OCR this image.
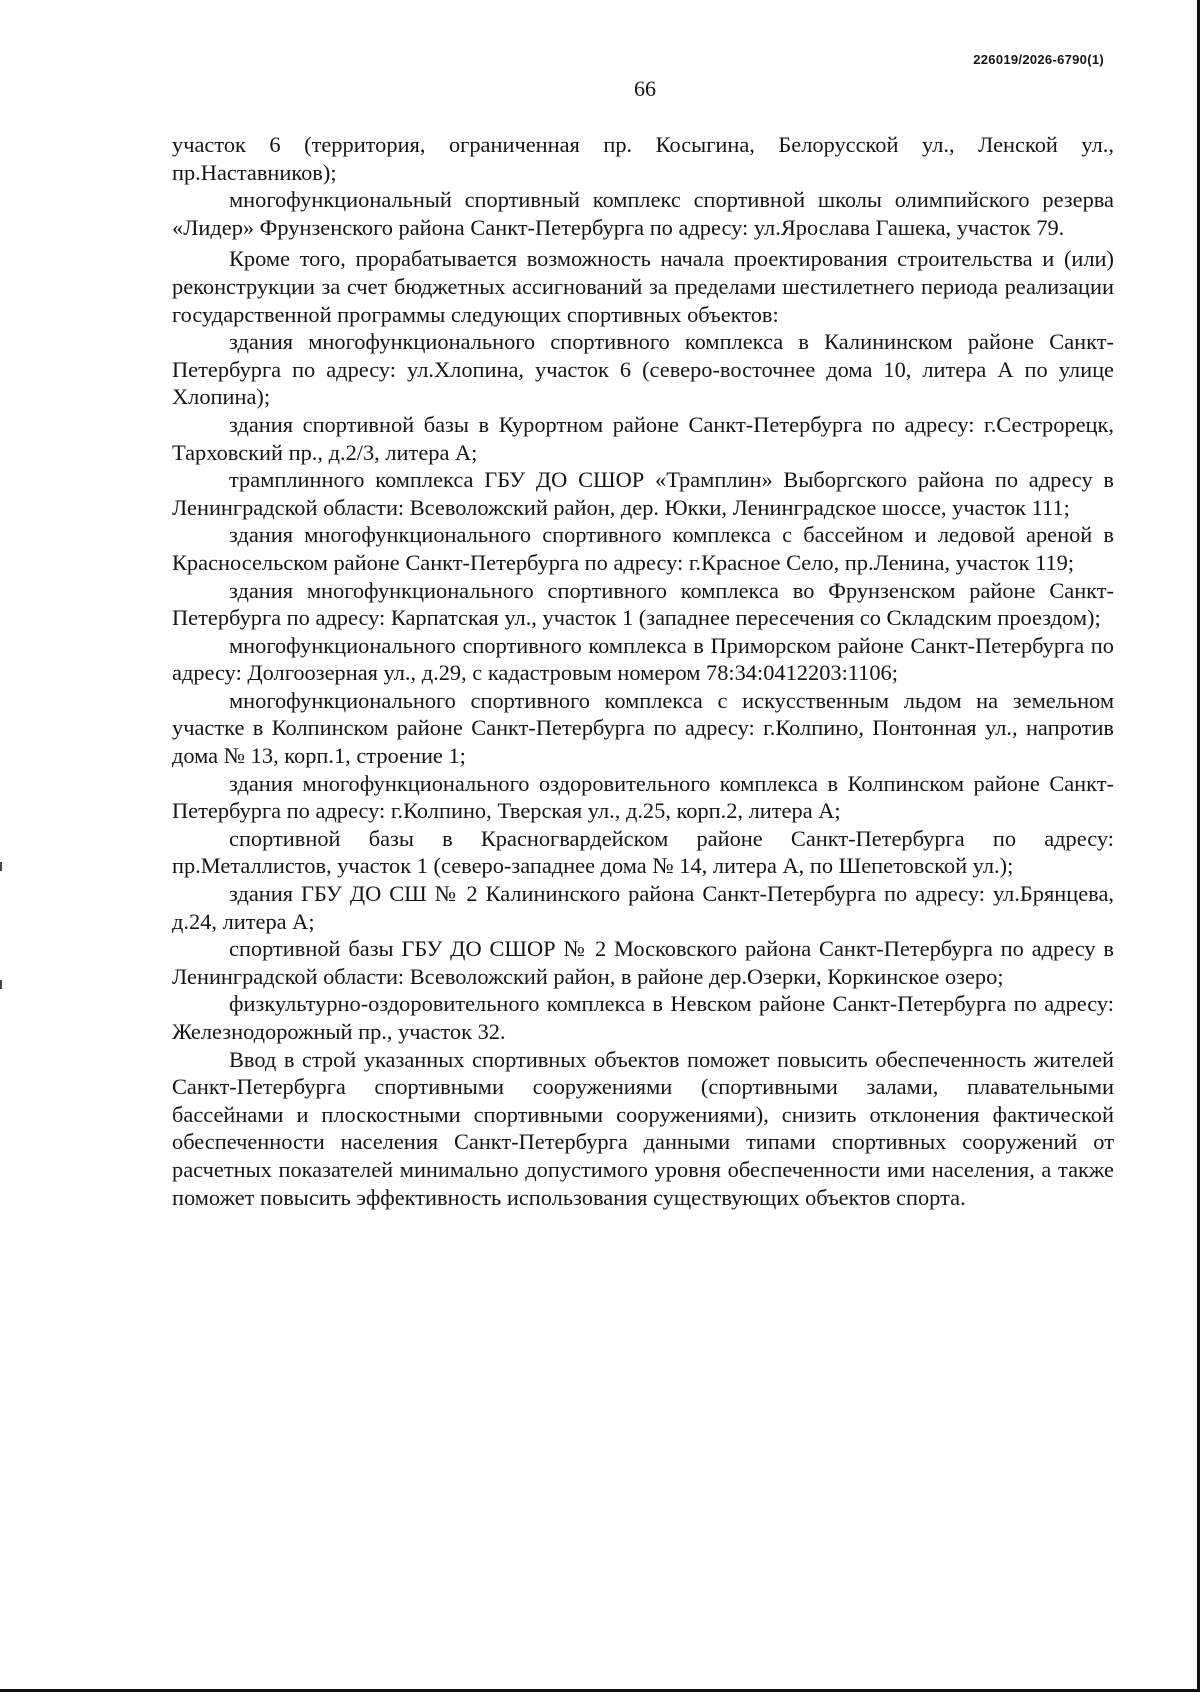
226019/2026-6790(1)
66

участок 6 (территория, ограниченная пр. Косыгина, Белорусской ул., Ленской ул., пр.Наставников);

многофункциональный спортивный комплекс спортивной школы олимпийского резерва «Лидер» Фрунзенского района Санкт-Петербурга по адресу: ул.Ярослава Гашека, участок 79.

Кроме того, прорабатывается возможность начала проектирования строительства и (или) реконструкции за счет бюджетных ассигнований за пределами шестилетнего периода реализации государственной программы следующих спортивных объектов:

здания многофункционального спортивного комплекса в Калининском районе Санкт-Петербурга по адресу: ул.Хлопина, участок 6 (северо-восточнее дома 10, литера А по улице Хлопина);

здания спортивной базы в Курортном районе Санкт-Петербурга по адресу: г.Сестрорецк, Тарховский пр., д.2/3, литера А;

трамплинного комплекса ГБУ ДО СШОР «Трамплин» Выборгского района по адресу в Ленинградской области: Всеволожский район, дер. Юкки, Ленинградское шоссе, участок 111;

здания многофункционального спортивного комплекса с бассейном и ледовой ареной в Красносельском районе Санкт-Петербурга по адресу: г.Красное Село, пр.Ленина, участок 119;

здания многофункционального спортивного комплекса во Фрунзенском районе Санкт-Петербурга по адресу: Карпатская ул., участок 1 (западнее пересечения со Складским проездом);

многофункционального спортивного комплекса в Приморском районе Санкт-Петербурга по адресу: Долгоозерная ул., д.29, с кадастровым номером 78:34:0412203:1106;

многофункционального спортивного комплекса с искусственным льдом на земельном участке в Колпинском районе Санкт-Петербурга по адресу: г.Колпино, Понтонная ул., напротив дома № 13, корп.1, строение 1;

здания многофункционального оздоровительного комплекса в Колпинском районе Санкт-Петербурга по адресу: г.Колпино, Тверская ул., д.25, корп.2, литера А;

спортивной базы в Красногвардейском районе Санкт-Петербурга по адресу: пр.Металлистов, участок 1 (северо-западнее дома № 14, литера А, по Шепетовской ул.);

здания ГБУ ДО СШ № 2 Калининского района Санкт-Петербурга по адресу: ул.Брянцева, д.24, литера А;

спортивной базы ГБУ ДО СШОР № 2 Московского района Санкт-Петербурга по адресу в Ленинградской области: Всеволожский район, в районе дер.Озерки, Коркинское озеро;

физкультурно-оздоровительного комплекса в Невском районе Санкт-Петербурга по адресу: Железнодорожный пр., участок 32.

Ввод в строй указанных спортивных объектов поможет повысить обеспеченность жителей Санкт-Петербурга спортивными сооружениями (спортивными залами, плавательными бассейнами и плоскостными спортивными сооружениями), снизить отклонения фактической обеспеченности населения Санкт-Петербурга данными типами спортивных сооружений от расчетных показателей минимально допустимого уровня обеспеченности ими населения, а также поможет повысить эффективность использования существующих объектов спорта.
